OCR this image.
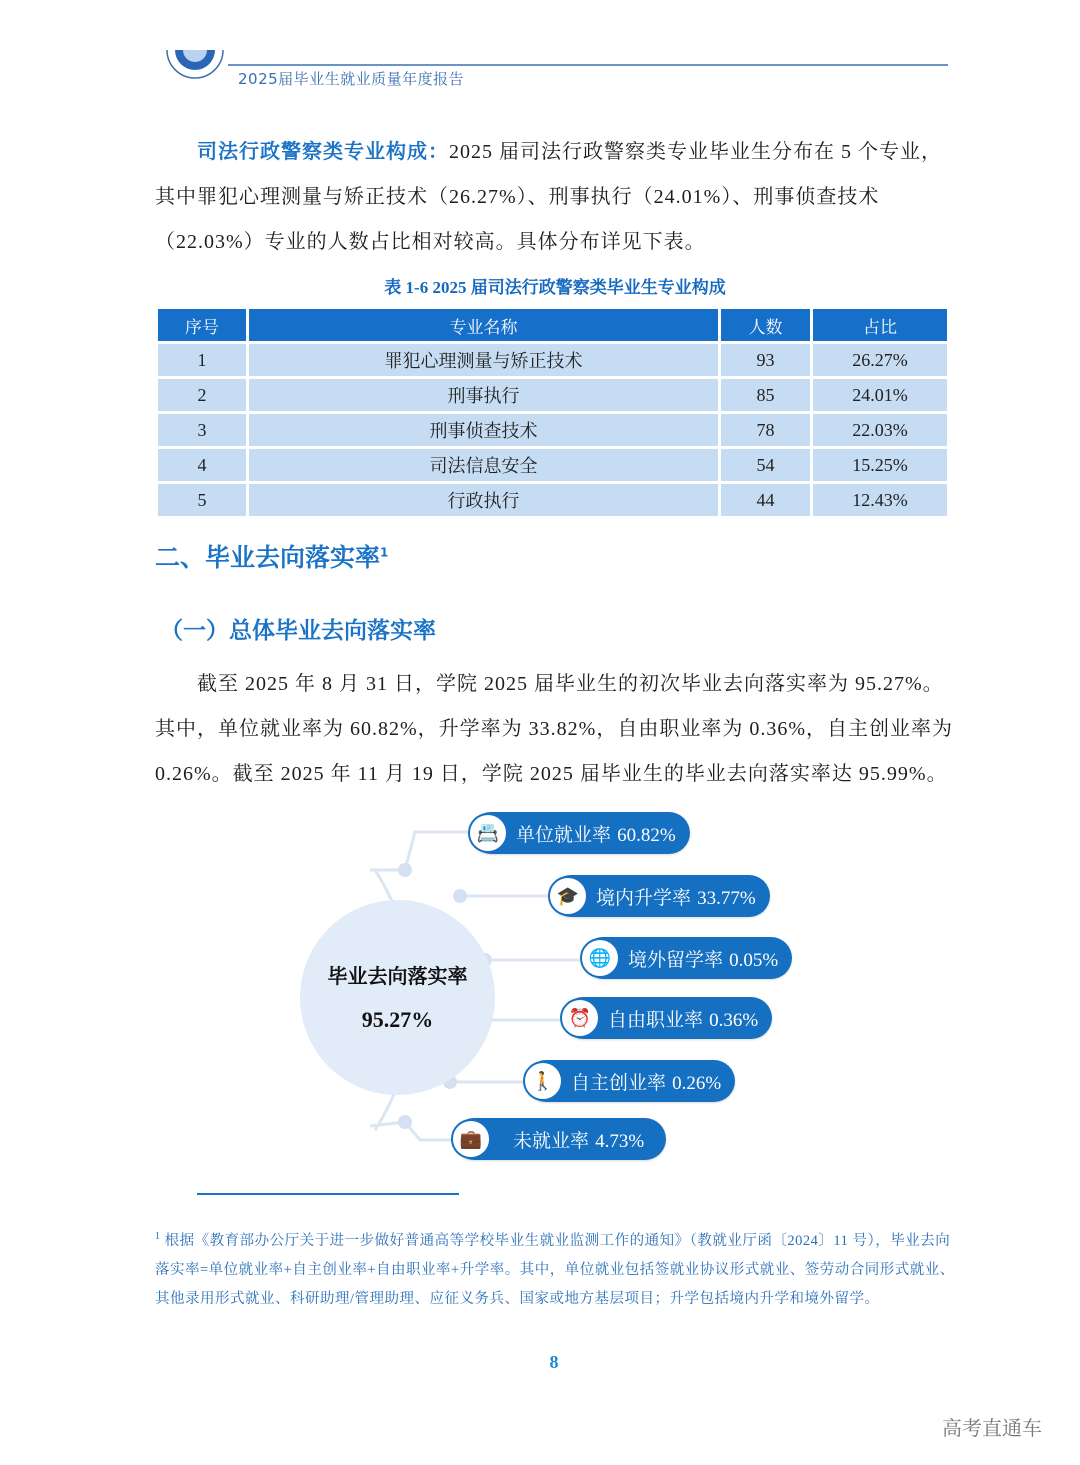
2025届毕业生就业质量年度报告
司法行政警察类专业构成：2025 届司法行政警察类专业毕业生分布在 5 个专业，其中罪犯心理测量与矫正技术（26.27%）、刑事执行（24.01%）、刑事侦查技术（22.03%）专业的人数占比相对较高。具体分布详见下表。
表 1-6 2025 届司法行政警察类毕业生专业构成
序号	专业名称	人数	占比
1	罪犯心理测量与矫正技术	93	26.27%
2	刑事执行	85	24.01%
3	刑事侦查技术	78	22.03%
4	司法信息安全	54	15.25%
5	行政执行	44	12.43%
二、毕业去向落实率$^1$
（一）总体毕业去向落实率
截至 2025 年 8 月 31 日，学院 2025 届毕业生的初次毕业去向落实率为 95.27%。其中，单位就业率为 60.82%，升学率为 33.82%，自由职业率为 0.36%，自主创业率为 0.26%。截至 2025 年 11 月 19 日，学院 2025 届毕业生的毕业去向落实率达 95.99%。
毕业去向落实率
95.27%
📇 单位就业率 60.82%
🎓 境内升学率 33.77%
🌐 境外留学率 0.05%
⏰ 自由职业率 0.36%
🚶 自主创业率 0.26%
💼	未就业率 4.73%
$^1$ 根据《教育部办公厅关于进一步做好普通高等学校毕业生就业监测工作的通知》（教就业厅函〔2024〕11 号），毕业去向落实率=单位就业率+自主创业率+自由职业率+升学率。其中，单位就业包括签就业协议形式就业、签劳动合同形式就业、其他录用形式就业、科研助理/管理助理、应征义务兵、国家或地方基层项目；升学包括境内升学和境外留学。
8
高考直通车
